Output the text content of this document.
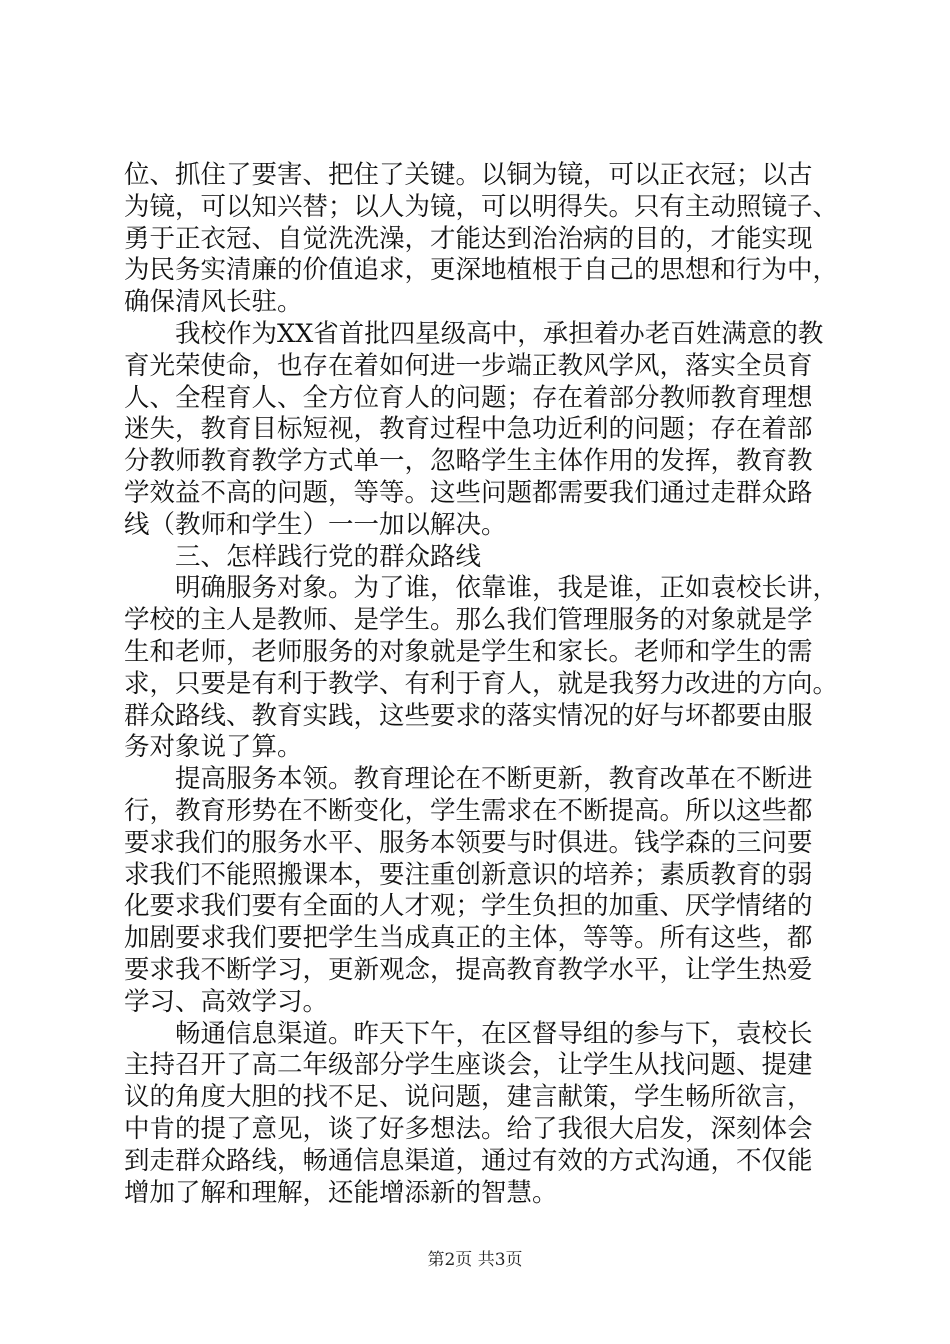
位、抓住了要害、把住了关键。以铜为镜，可以正衣冠；以古
为镜，可以知兴替；以人为镜，可以明得失。只有主动照镜子、
勇于正衣冠、自觉洗洗澡，才能达到治治病的目的，才能实现
为民务实清廉的价值追求，更深地植根于自己的思想和行为中，
确保清风长驻。
　　我校作为XX省首批四星级高中，承担着办老百姓满意的教
育光荣使命，也存在着如何进一步端正教风学风，落实全员育
人、全程育人、全方位育人的问题；存在着部分教师教育理想
迷失，教育目标短视，教育过程中急功近利的问题；存在着部
分教师教育教学方式单一，忽略学生主体作用的发挥，教育教
学效益不高的问题，等等。这些问题都需要我们通过走群众路
线（教师和学生）一一加以解决。
　　三、怎样践行党的群众路线
　　明确服务对象。为了谁，依靠谁，我是谁，正如袁校长讲，
学校的主人是教师、是学生。那么我们管理服务的对象就是学
生和老师，老师服务的对象就是学生和家长。老师和学生的需
求，只要是有利于教学、有利于育人，就是我努力改进的方向。
群众路线、教育实践，这些要求的落实情况的好与坏都要由服
务对象说了算。
　　提高服务本领。教育理论在不断更新，教育改革在不断进
行，教育形势在不断变化，学生需求在不断提高。所以这些都
要求我们的服务水平、服务本领要与时俱进。钱学森的三问要
求我们不能照搬课本，要注重创新意识的培养；素质教育的弱
化要求我们要有全面的人才观；学生负担的加重、厌学情绪的
加剧要求我们要把学生当成真正的主体，等等。所有这些，都
要求我不断学习，更新观念，提高教育教学水平，让学生热爱
学习、高效学习。
　　畅通信息渠道。昨天下午，在区督导组的参与下，袁校长
主持召开了高二年级部分学生座谈会，让学生从找问题、提建
议的角度大胆的找不足、说问题，建言献策，学生畅所欲言，
中肯的提了意见，谈了好多想法。给了我很大启发，深刻体会
到走群众路线，畅通信息渠道，通过有效的方式沟通，不仅能
增加了解和理解，还能增添新的智慧。
第2页 共3页
